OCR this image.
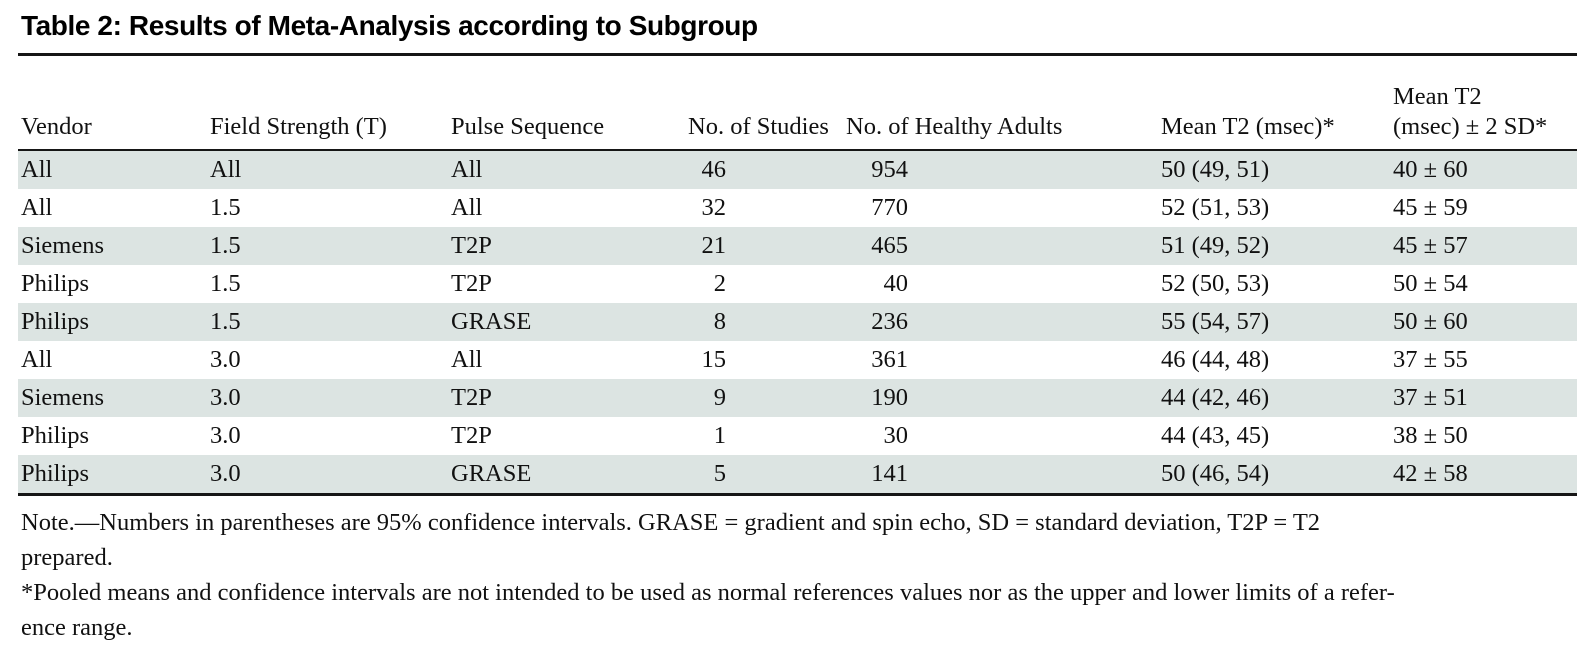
Table 2: Results of Meta-Analysis according to Subgroup
Vendor	Field Strength (T)	Pulse Sequence	No. of Studies	No. of Healthy Adults	Mean T2 (msec)*	Mean T2
(msec) ± 2 SD*

All	All	All	46	954	50 (49, 51)	40 ± 60
All	1.5	All	32	770	52 (51, 53)	45 ± 59
Siemens	1.5	T2P	21	465	51 (49, 52)	45 ± 57
Philips	1.5	T2P	2	40	52 (50, 53)	50 ± 54
Philips	1.5	GRASE	8	236	55 (54, 57)	50 ± 60
All	3.0	All	15	361	46 (44, 48)	37 ± 55
Siemens	3.0	T2P	9	190	44 (42, 46)	37 ± 51
Philips	3.0	T2P	1	30	44 (43, 45)	38 ± 50
Philips	3.0	GRASE	5	141	50 (46, 54)	42 ± 58
Note.—Numbers in parentheses are 95% confidence intervals. GRASE = gradient and spin echo, SD = standard deviation, T2P = T2
prepared.
*Pooled means and confidence intervals are not intended to be used as normal references values nor as the upper and lower limits of a refer-
ence range.
